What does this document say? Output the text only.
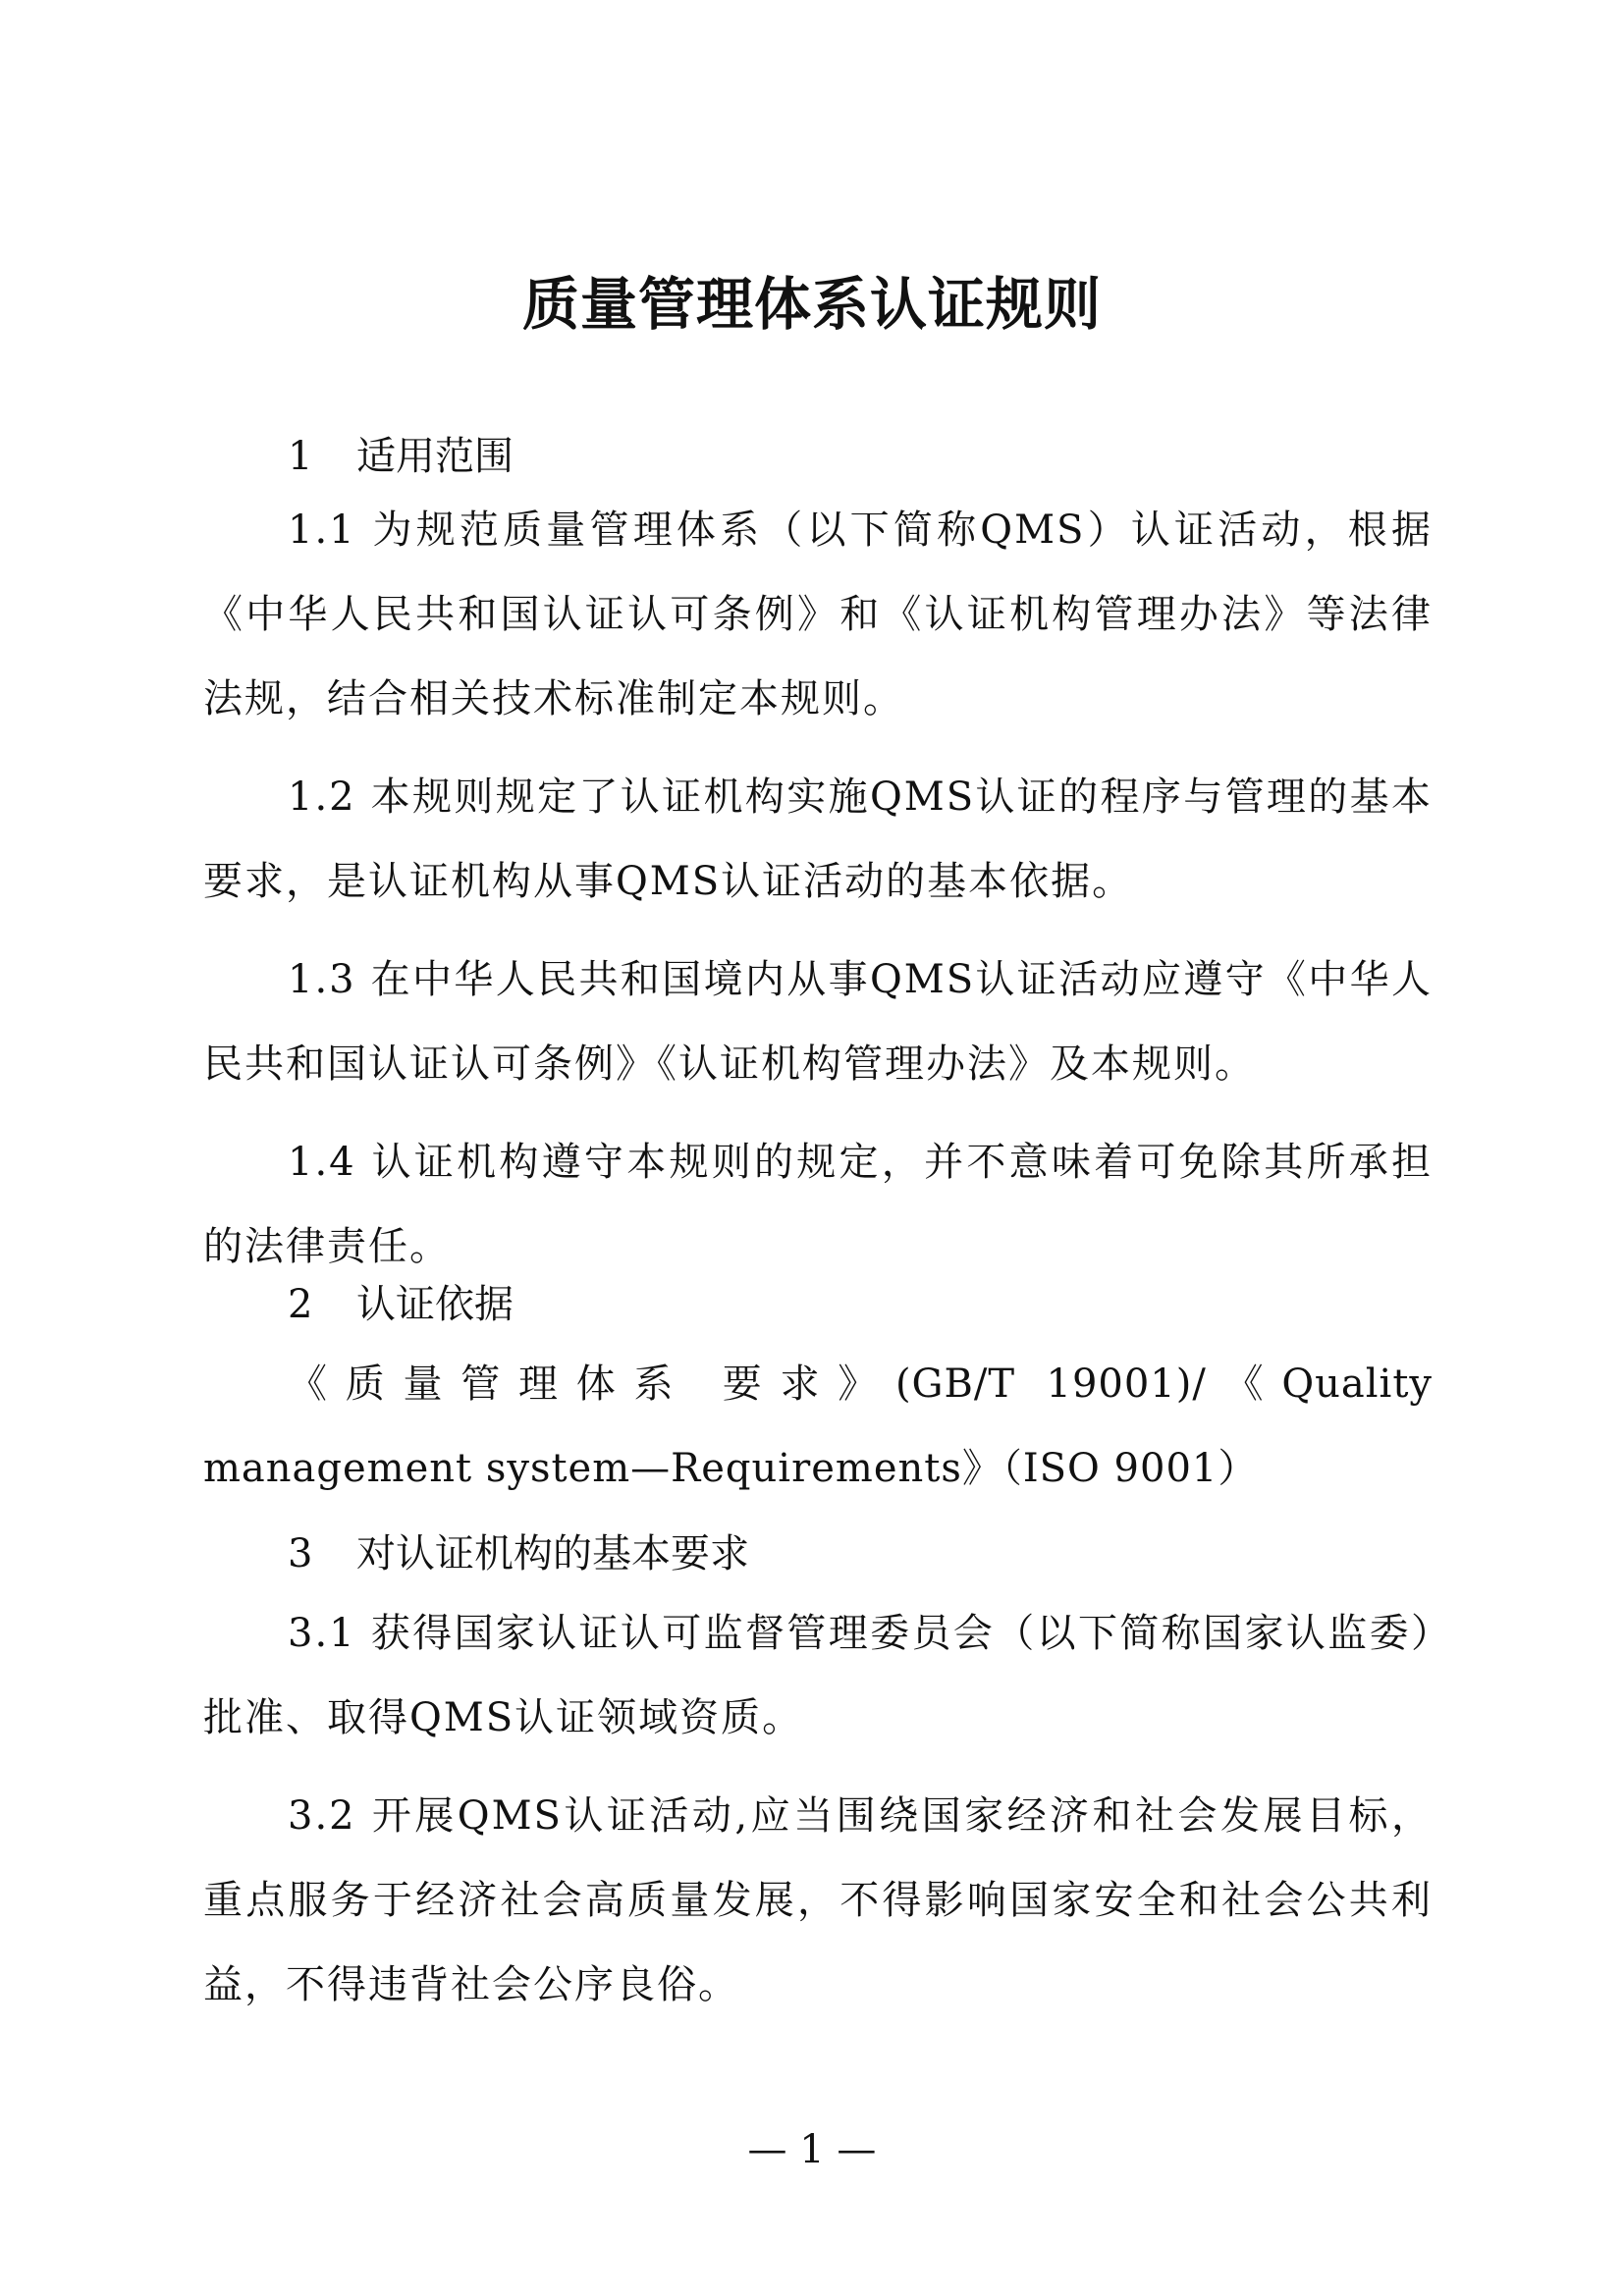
质量管理体系认证规则
1 适用范围
1.1 为规范质量管理体系（以下简称QMS）认证活动，根据《中华人民共和国认证认可条例》和《认证机构管理办法》等法律法规，结合相关技术标准制定本规则。
1.2 本规则规定了认证机构实施QMS认证的程序与管理的基本要求，是认证机构从事QMS认证活动的基本依据。
1.3 在中华人民共和国境内从事QMS认证活动应遵守《中华人民共和国认证认可条例》《认证机构管理办法》及本规则。
1.4 认证机构遵守本规则的规定，并不意味着可免除其所承担的法律责任。
2 认证依据
《质量管理体系 要求》(GB/T 19001)/《Quality management system—Requirements》（ISO 9001）
3 对认证机构的基本要求
3.1 获得国家认证认可监督管理委员会（以下简称国家认监委）批准、取得QMS认证领域资质。
3.2 开展QMS认证活动,应当围绕国家经济和社会发展目标，重点服务于经济社会高质量发展，不得影响国家安全和社会公共利益，不得违背社会公序良俗。
— 1 —
